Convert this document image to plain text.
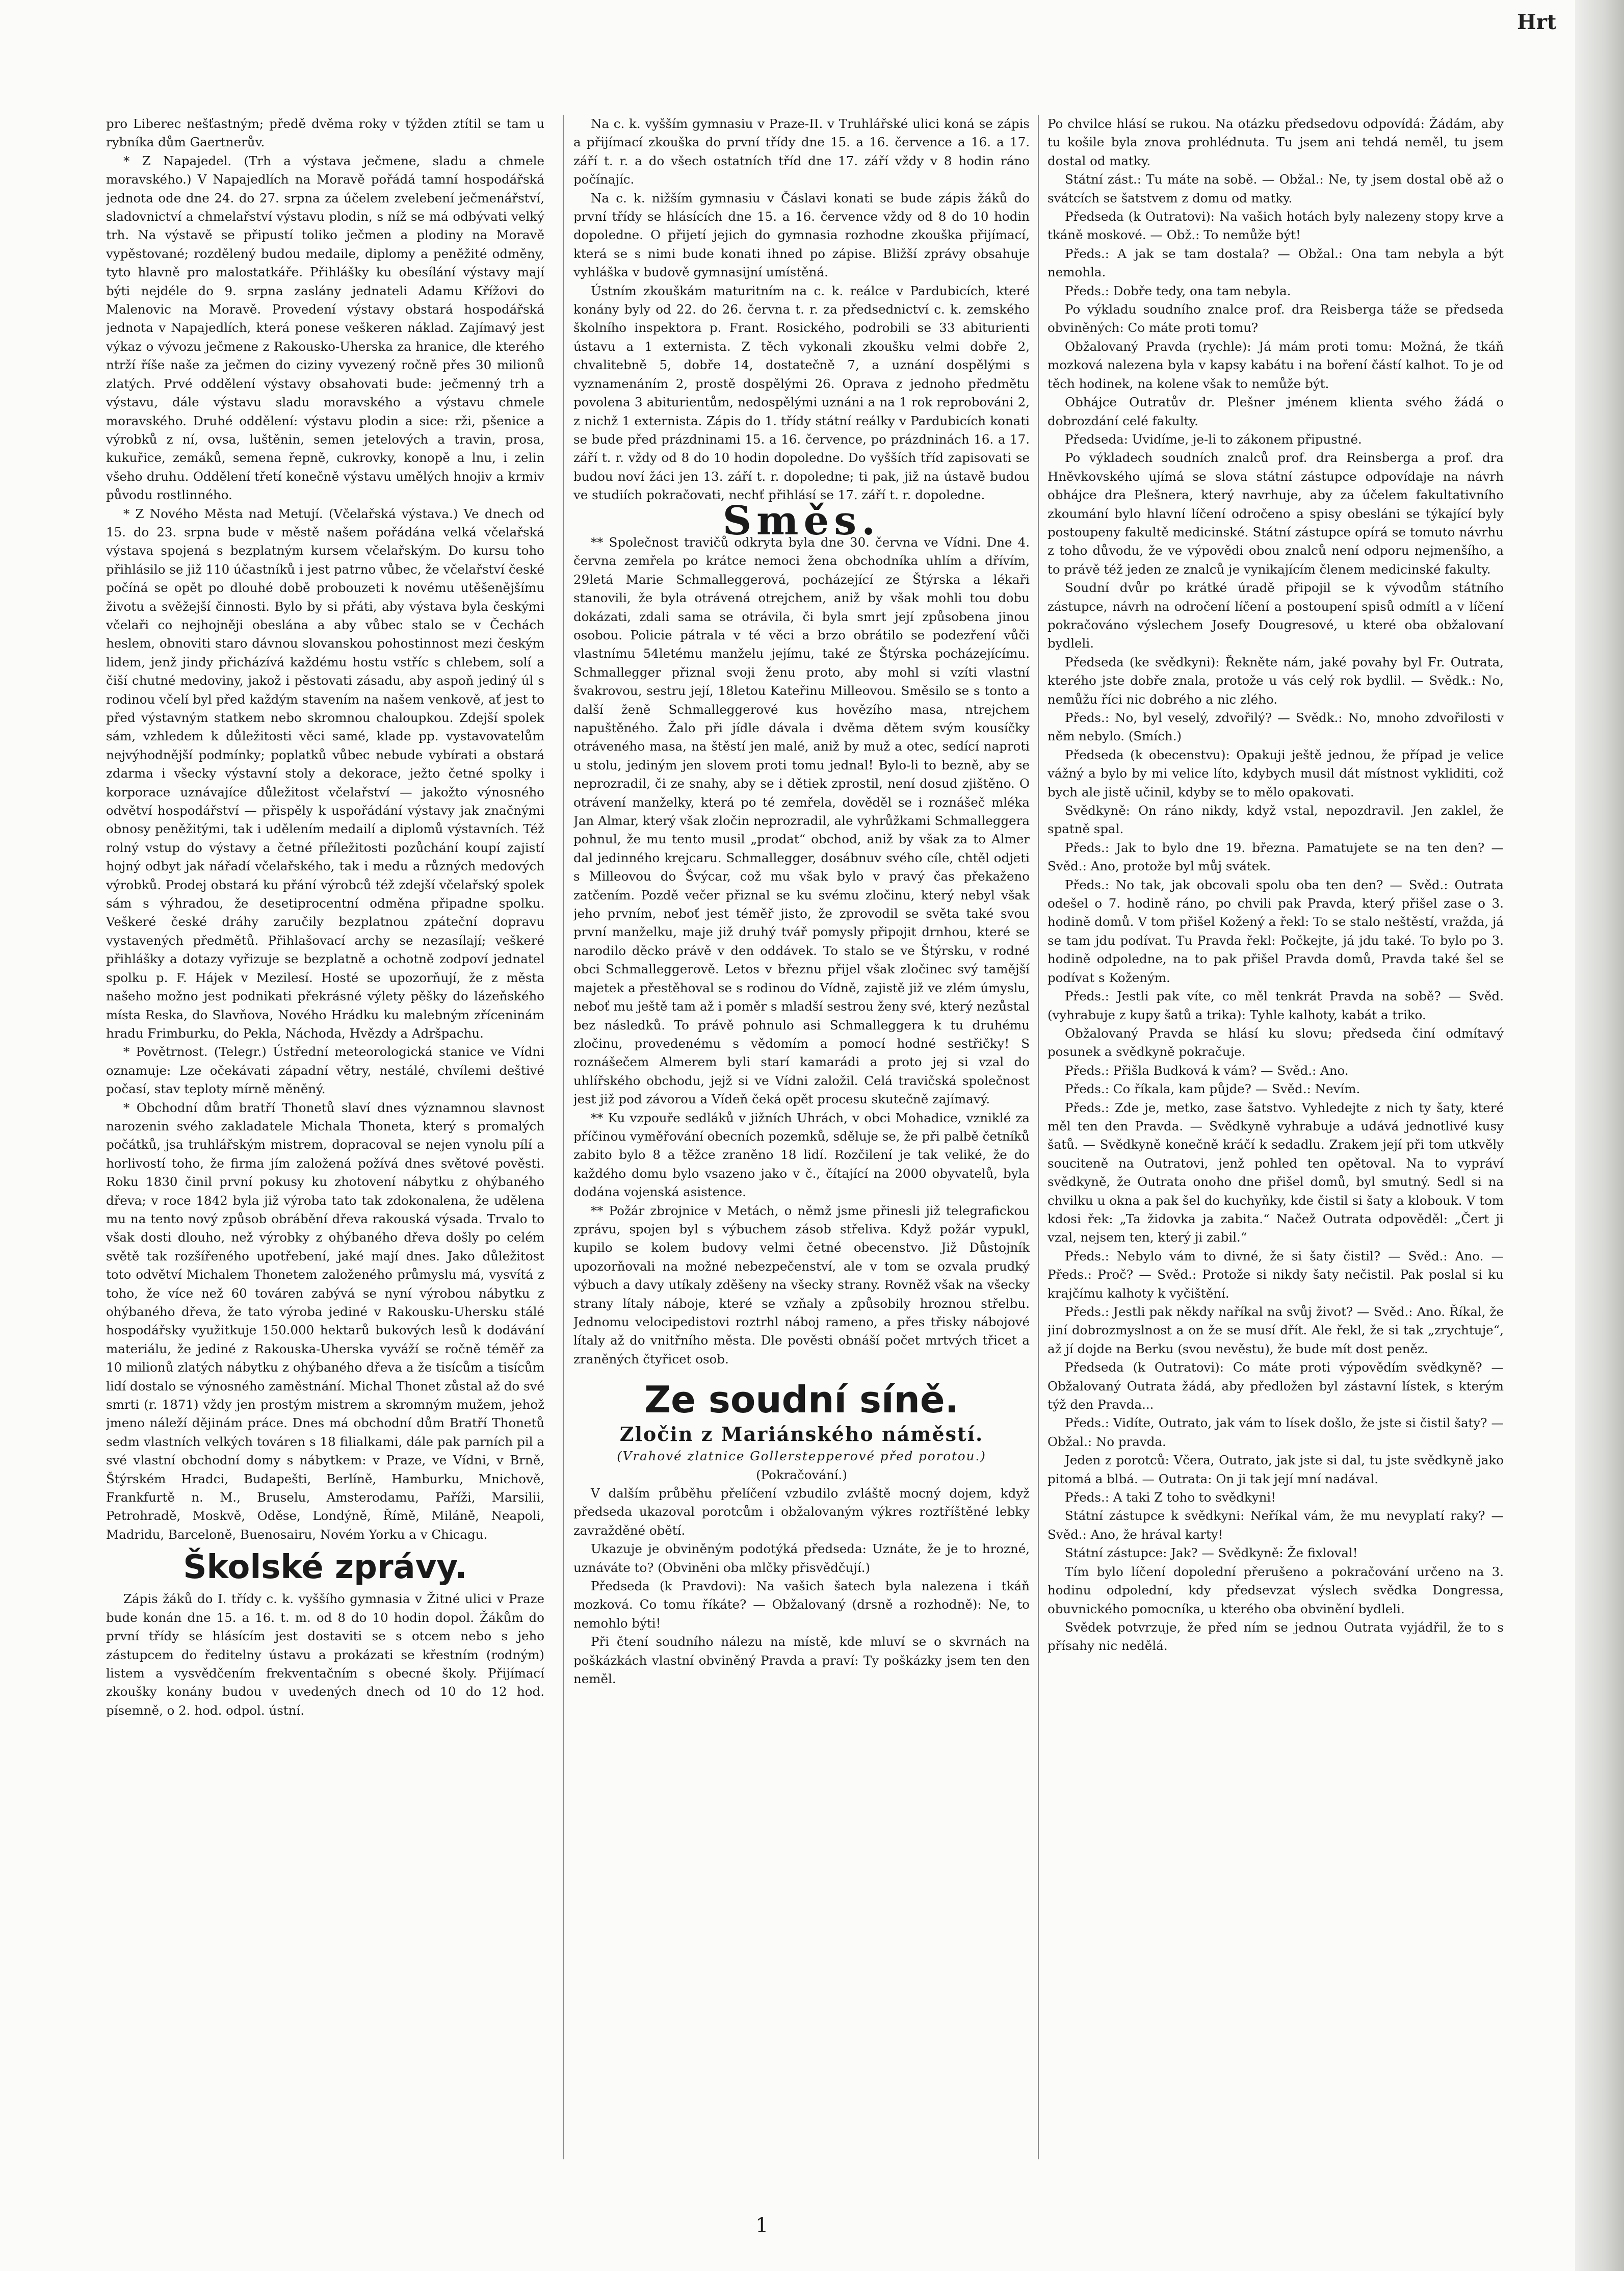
Hrt

pro Liberec nešťastným; předě dvěma roky v týžden ztítil se tam u rybníka dům Gaertnerův.

* Z Napajedel. (Trh a výstava ječmene, sladu a chmele moravského.) V Napajedlích na Moravě pořádá tamní hospodářská jednota ode dne 24. do 27. srpna za účelem zvelebení ječmenářství, sladovnictví a chmelařství výstavu plodin, s níž se má odbývati velký trh. Na výstavě se připustí toliko ječmen a plodiny na Moravě vypěstované; rozdělený budou medaile, diplomy a peněžité odměny, tyto hlavně pro malostatkáře. Přihlášky ku obesílání výstavy mají býti nejdéle do 9. srpna zaslány jednateli Adamu Křížovi do Malenovic na Moravě. Provedení výstavy obstará hospodářská jednota v Napajedlích, která ponese veškeren náklad. Zajímavý jest výkaz o vývozu ječmene z Rakousko-Uherska za hranice, dle kterého ntrží říše naše za ječmen do ciziny vyvezený ročně přes 30 milionů zlatých. Prvé oddělení výstavy obsahovati bude: ječmenný trh a výstavu, dále výstavu sladu moravského a výstavu chmele moravského. Druhé oddělení: výstavu plodin a sice: rži, pšenice a výrobků z ní, ovsa, luštěnin, semen jetelových a travin, prosa, kukuřice, zemáků, semena řepně, cukrovky, konopě a lnu, i zelin všeho druhu. Oddělení třetí konečně výstavu umělých hnojiv a krmiv původu rostlinného.

* Z Nového Města nad Metují. (Včelařská výstava.) Ve dnech od 15. do 23. srpna bude v městě našem pořádána velká včelařská výstava spojená s bezplatným kursem včelařským. Do kursu toho přihlásilo se již 110 účastníků i jest patrno vůbec, že včelařství české počíná se opět po dlouhé době probouzeti k novému utěšenějšímu životu a svěžejší činnosti. Bylo by si přáti, aby výstava byla českými včelaři co nejhojněji obeslána a aby vůbec stalo se v Čechách heslem, obnoviti staro dávnou slovanskou pohostinnost mezi českým lidem, jenž jindy přicházívá každému hostu vstříc s chlebem, solí a čiší chutné medoviny, jakož i pěstovati zásadu, aby aspoň jediný úl s rodinou včelí byl před každým stavením na našem venkově, ať jest to před výstavným statkem nebo skromnou chaloupkou. Zdejší spolek sám, vzhledem k důležitosti věci samé, klade pp. vystavovatelům nejvýhodnější podmínky; poplatků vůbec nebude vybírati a obstará zdarma i všecky výstavní stoly a dekorace, ježto četné spolky i korporace uznávajíce důležitost včelařství — jakožto výnosného odvětví hospodářství — přispěly k uspořádání výstavy jak značnými obnosy peněžitými, tak i udělením medailí a diplomů výstavních. Též rolný vstup do výstavy a četné příležitosti pozůchání koupí zajistí hojný odbyt jak nářadí včelařského, tak i medu a různých medových výrobků. Prodej obstará ku přání výrobců též zdejší včelařský spolek sám s výhradou, že desetiprocentní odměna připadne spolku. Veškeré české dráhy zaručily bezplatnou zpáteční dopravu vystavených předmětů. Přihlašovací archy se nezasílají; veškeré přihlášky a dotazy vyřizuje se bezplatně a ochotně zodpoví jednatel spolku p. F. Hájek v Mezilesí. Hosté se upozorňují, že z města našeho možno jest podnikati překrásné výlety pěšky do lázeňského místa Reska, do Slavňova, Nového Hrádku ku malebným zříceninám hradu Frimburku, do Pekla, Náchoda, Hvězdy a Adršpachu.

* Povětrnost. (Telegr.) Ústřední meteorologická stanice ve Vídni oznamuje: Lze očekávati západní větry, nestálé, chvílemi deštivé počasí, stav teploty mírně měněný.

* Obchodní dům bratří Thonetů slaví dnes významnou slavnost narozenin svého zakladatele Michala Thoneta, který s promalých počátků, jsa truhlářským mistrem, dopracoval se nejen vynolu pílí a horlivostí toho, že firma jím založená požívá dnes světové pověsti. Roku 1830 činil první pokusy ku zhotovení nábytku z ohýbaného dřeva; v roce 1842 byla již výroba tato tak zdokonalena, že udělena mu na tento nový způsob obrábění dřeva rakouská výsada. Trvalo to však dosti dlouho, než výrobky z ohýbaného dřeva došly po celém světě tak rozšířeného upotřebení, jaké mají dnes. Jako důležitost toto odvětví Michalem Thonetem založeného průmyslu má, vysvítá z toho, že více než 60 továren zabývá se nyní výrobou nábytku z ohýbaného dřeva, že tato výroba jediné v Rakousku-Uhersku stálé hospodářsky využitkuje 150.000 hektarů bukových lesů k dodávání materiálu, že jediné z Rakouska-Uherska vyváží se ročně téměř za 10 milionů zlatých nábytku z ohýbaného dřeva a že tisícům a tisícům lidí dostalo se výnosného zaměstnání. Michal Thonet zůstal až do své smrti (r. 1871) vždy jen prostým mistrem a skromným mužem, jehož jmeno náleží dějinám práce. Dnes má obchodní dům Bratří Thonetů sedm vlastních velkých továren s 18 filialkami, dále pak parních pil a své vlastní obchodní domy s nábytkem: v Praze, ve Vídni, v Brně, Štýrském Hradci, Budapešti, Berlíně, Hamburku, Mnichově, Frankfurtě n. M., Bruselu, Amsterodamu, Paříži, Marsilii, Petrohradě, Moskvě, Oděse, Londýně, Římě, Miláně, Neapoli, Madridu, Barceloně, Buenosairu, Novém Yorku a v Chicagu.

Školské zprávy.

Zápis žáků do I. třídy c. k. vyššího gymnasia v Žitné ulici v Praze bude konán dne 15. a 16. t. m. od 8 do 10 hodin dopol. Žákům do první třídy se hlásícím jest dostaviti se s otcem nebo s jeho zástupcem do ředitelny ústavu a prokázati se křestním (rodným) listem a vysvědčením frekventačním s obecné školy. Přijímací zkoušky konány budou v uvedených dnech od 10 do 12 hod. písemně, o 2. hod. odpol. ústní.

Na c. k. vyšším gymnasiu v Praze-II. v Truhlářské ulici koná se zápis a přijímací zkouška do první třídy dne 15. a 16. července a 16. a 17. září t. r. a do všech ostatních tříd dne 17. září vždy v 8 hodin ráno počínajíc.

Na c. k. nižším gymnasiu v Čáslavi konati se bude zápis žáků do první třídy se hlásících dne 15. a 16. července vždy od 8 do 10 hodin dopoledne. O přijetí jejich do gymnasia rozhodne zkouška přijímací, která se s nimi bude konati ihned po zápise. Bližší zprávy obsahuje vyhláška v budově gymnasijní umístěná.

Ústním zkouškám maturitním na c. k. reálce v Pardubicích, které konány byly od 22. do 26. června t. r. za předsednictví c. k. zemského školního inspektora p. Frant. Rosického, podrobili se 33 abiturienti ústavu a 1 externista. Z těch vykonali zkoušku velmi dobře 2, chvalitebně 5, dobře 14, dostatečně 7, a uznání dospělými s vyznamenáním 2, prostě dospělými 26. Oprava z jednoho předmětu povolena 3 abiturientům, nedospělými uznáni a na 1 rok reprobováni 2, z nichž 1 externista. Zápis do 1. třídy státní reálky v Pardubicích konati se bude před prázdninami 15. a 16. července, po prázdninách 16. a 17. září t. r. vždy od 8 do 10 hodin dopoledne. Do vyšších tříd zapisovati se budou noví žáci jen 13. září t. r. dopoledne; ti pak, již na ústavě budou ve studiích pokračovati, nechť přihlásí se 17. září t. r. dopoledne.

Směs.

** Společnost travičů odkryta byla dne 30. června ve Vídni. Dne 4. června zemřela po krátce nemoci žena obchodníka uhlím a dřívím, 29letá Marie Schmalleggerová, pocházející ze Štýrska a lékaři stanovili, že byla otrávená otrejchem, aniž by však mohli tou dobu dokázati, zdali sama se otrávila, či byla smrt její způsobena jinou osobou. Policie pátrala v té věci a brzo obrátilo se podezření vůči vlastnímu 54letému manželu jejímu, také ze Štýrska pocházejícímu. Schmallegger přiznal svoji ženu proto, aby mohl si vzíti vlastní švakrovou, sestru její, 18letou Kateřinu Milleovou. Směsilo se s tonto a další ženě Schmalleggerové kus hovězího masa, ntrejchem napuštěného. Žalo při jídle dávala i dvěma dětem svým kousíčky otráveného masa, na štěstí jen malé, aniž by muž a otec, sedící naproti u stolu, jediným jen slovem proti tomu jednal! Bylo-li to bezně, aby se neprozradil, či ze snahy, aby se i dětiek zprostil, není dosud zjištěno. O otrávení manželky, která po té zemřela, dověděl se i roznášeč mléka Jan Almar, který však zločin neprozradil, ale vyhrůžkami Schmalleggera pohnul, že mu tento musil „prodat“ obchod, aniž by však za to Almer dal jedinného krejcaru. Schmallegger, dosábnuv svého cíle, chtěl odjeti s Milleovou do Švýcar, což mu však bylo v pravý čas překaženo zatčením. Pozdě večer přiznal se ku svému zločinu, který nebyl však jeho prvním, neboť jest téměř jisto, že zprovodil se světa také svou první manželku, maje již druhý tvář pomysly připojit drnhou, které se narodilo děcko právě v den oddávek. To stalo se ve Štýrsku, v rodné obci Schmalleggerově. Letos v březnu přijel však zločinec svý tamější majetek a přestěhoval se s rodinou do Vídně, zajistě již ve zlém úmyslu, neboť mu ještě tam až i poměr s mladší sestrou ženy své, který nezůstal bez následků. To právě pohnulo asi Schmalleggera k tu druhému zločinu, provedenému s vědomím a pomocí hodné sestřičky! S roznášečem Almerem byli starí kamarádi a proto jej si vzal do uhlířského obchodu, jejž si ve Vídni založil. Celá travičská společnost jest již pod závorou a Vídeň čeká opět procesu skutečně zajímavý.

** Ku vzpouře sedláků v jižních Uhrách, v obci Mohadice, vzniklé za příčinou vyměřování obecních pozemků, sděluje se, že při palbě četníků zabito bylo 8 a těžce zraněno 18 lidí. Rozčilení je tak veliké, že do každého domu bylo vsazeno jako v č., čítající na 2000 obyvatelů, byla dodána vojenská asistence.

** Požár zbrojnice v Metách, o němž jsme přinesli již telegrafickou zprávu, spojen byl s výbuchem zásob střeliva. Když požár vypukl, kupilo se kolem budovy velmi četné obecenstvo. Již Důstojník upozorňovali na možné nebezpečenství, ale v tom se ozvala prudký výbuch a davy utíkaly zděšeny na všecky strany. Rovněž však na všecky strany lítaly náboje, které se vzňaly a způsobily hroznou střelbu. Jednomu velocipedistovi roztrhl náboj rameno, a přes třisky nábojové lítaly až do vnitřního města. Dle pověsti obnáší počet mrtvých třicet a zraněných čtyřicet osob.

Ze soudní síně.
Zločin z Mariánského náměstí.
(Vrahové zlatnice Gollerstepperové před porotou.)
(Pokračování.)

V dalším průběhu přelíčení vzbudilo zvláště mocný dojem, když předseda ukazoval porotcům i obžalovaným výkres roztříštěné lebky zavražděné obětí.

Ukazuje je obviněným podotýká předseda: Uznáte, že je to hrozné, uznáváte to? (Obviněni oba mlčky přisvědčují.)

Předseda (k Pravdovi): Na vašich šatech byla nalezena i tkáň mozková. Co tomu říkáte? — Obžalovaný (drsně a rozhodně): Ne, to nemohlo býti!

Při čtení soudního nálezu na místě, kde mluví se o skvrnách na poškázkách vlastní obviněný Pravda a praví: Ty poškázky jsem ten den neměl.

Po chvilce hlásí se rukou. Na otázku předsedovu odpovídá: Žádám, aby tu košile byla znova prohlédnuta. Tu jsem ani tehdá neměl, tu jsem dostal od matky.

Státní zást.: Tu máte na sobě. — Obžal.: Ne, ty jsem dostal obě až o svátcích se šatstvem z domu od matky.

Předseda (k Outratovi): Na vašich hotách byly nalezeny stopy krve a tkáně moskové. — Obž.: To nemůže být!

Předs.: A jak se tam dostala? — Obžal.: Ona tam nebyla a být nemohla.

Předs.: Dobře tedy, ona tam nebyla.

Po výkladu soudního znalce prof. dra Reisberga táže se předseda obviněných: Co máte proti tomu?

Obžalovaný Pravda (rychle): Já mám proti tomu: Možná, že tkáň mozková nalezena byla v kapsy kabátu i na boření částí kalhot. To je od těch hodinek, na kolene však to nemůže být.

Obhájce Outratův dr. Plešner jménem klienta svého žádá o dobrozdání celé fakulty.

Předseda: Uvidíme, je-li to zákonem připustné.

Po výkladech soudních znalců prof. dra Reinsberga a prof. dra Hněvkovského ujímá se slova státní zástupce odpovídaje na návrh obhájce dra Plešnera, který navrhuje, aby za účelem fakultativního zkoumání bylo hlavní líčení odročeno a spisy obesláni se týkající byly postoupeny fakultě medicinské. Státní zástupce opírá se tomuto návrhu z toho důvodu, že ve výpovědi obou znalců není odporu nejmenšího, a to právě též jeden ze znalců je vynikajícím členem medicinské fakulty.

Soudní dvůr po krátké úradě připojil se k vývodům státního zástupce, návrh na odročení líčení a postoupení spisů odmítl a v líčení pokračováno výslechem Josefy Dougresové, u které oba obžalovaní bydleli.

Předseda (ke svědkyni): Řekněte nám, jaké povahy byl Fr. Outrata, kterého jste dobře znala, protože u vás celý rok bydlil. — Svědk.: No, nemůžu říci nic dobrého a nic zlého.

Předs.: No, byl veselý, zdvořilý? — Svědk.: No, mnoho zdvořilosti v něm nebylo. (Smích.)

Předseda (k obecenstvu): Opakuji ještě jednou, že případ je velice vážný a bylo by mi velice líto, kdybych musil dát místnost vykliditi, což bych ale jistě učinil, kdyby se to mělo opakovati.

Svědkyně: On ráno nikdy, když vstal, nepozdravil. Jen zaklel, že spatně spal.

Předs.: Jak to bylo dne 19. března. Pamatujete se na ten den? — Svěd.: Ano, protože byl můj svátek.

Předs.: No tak, jak obcovali spolu oba ten den? — Svěd.: Outrata odešel o 7. hodině ráno, po chvili pak Pravda, který přišel zase o 3. hodině domů. V tom přišel Kožený a řekl: To se stalo neštěstí, vražda, já se tam jdu podívat. Tu Pravda řekl: Počkejte, já jdu také. To bylo po 3. hodině odpoledne, na to pak přišel Pravda domů, Pravda také šel se podívat s Koženým.

Předs.: Jestli pak víte, co měl tenkrát Pravda na sobě? — Svěd. (vyhrabuje z kupy šatů a trika): Tyhle kalhoty, kabát a triko.

Obžalovaný Pravda se hlásí ku slovu; předseda činí odmítavý posunek a svědkyně pokračuje.

Předs.: Přišla Budková k vám? — Svěd.: Ano.

Předs.: Co říkala, kam půjde? — Svěd.: Nevím.

Předs.: Zde je, metko, zase šatstvo. Vyhledejte z nich ty šaty, které měl ten den Pravda. — Svědkyně vyhrabuje a udává jednotlivé kusy šatů. — Svědkyně konečně kráčí k sedadlu. Zrakem její při tom utkvěly souciteně na Outratovi, jenž pohled ten opětoval. Na to vypráví svědkyně, že Outrata onoho dne přišel domů, byl smutný. Sedl si na chvilku u okna a pak šel do kuchyňky, kde čistil si šaty a klobouk. V tom kdosi řek: „Ta židovka ja zabita.“ Načež Outrata odpověděl: „Čert ji vzal, nejsem ten, který ji zabil.“

Předs.: Nebylo vám to divné, že si šaty čistil? — Svěd.: Ano. — Předs.: Proč? — Svěd.: Protože si nikdy šaty nečistil. Pak poslal si ku krajčímu kalhoty k vyčištění.

Předs.: Jestli pak někdy naříkal na svůj život? — Svěd.: Ano. Říkal, že jiní dobrozmyslnost a on že se musí dřít. Ale řekl, že si tak „zrychtuje“, až jí dojde na Berku (svou nevěstu), že bude mít dost peněz.

Předseda (k Outratovi): Co máte proti výpovědím svědkyně? — Obžalovaný Outrata žádá, aby předložen byl zástavní lístek, s kterým týž den Pravda...

Předs.: Vidíte, Outrato, jak vám to lísek došlo, že jste si čistil šaty? — Obžal.: No pravda.

Jeden z porotců: Včera, Outrato, jak jste si dal, tu jste svědkyně jako pitomá a blbá. — Outrata: On ji tak její mní nadával.

Předs.: A taki Z toho to svědkyni!

Státní zástupce k svědkyni: Neříkal vám, že mu nevyplatí raky? — Svěd.: Ano, že hrával karty!

Státní zástupce: Jak? — Svědkyně: Že fixloval!

Tím bylo líčení dopolední přerušeno a pokračování určeno na 3. hodinu odpolední, kdy předsevzat výslech svědka Dongressa, obuvnického pomocníka, u kterého oba obvinění bydleli.

Svědek potvrzuje, že před ním se jednou Outrata vyjádřil, že to s přísahy nic nedělá.

1
